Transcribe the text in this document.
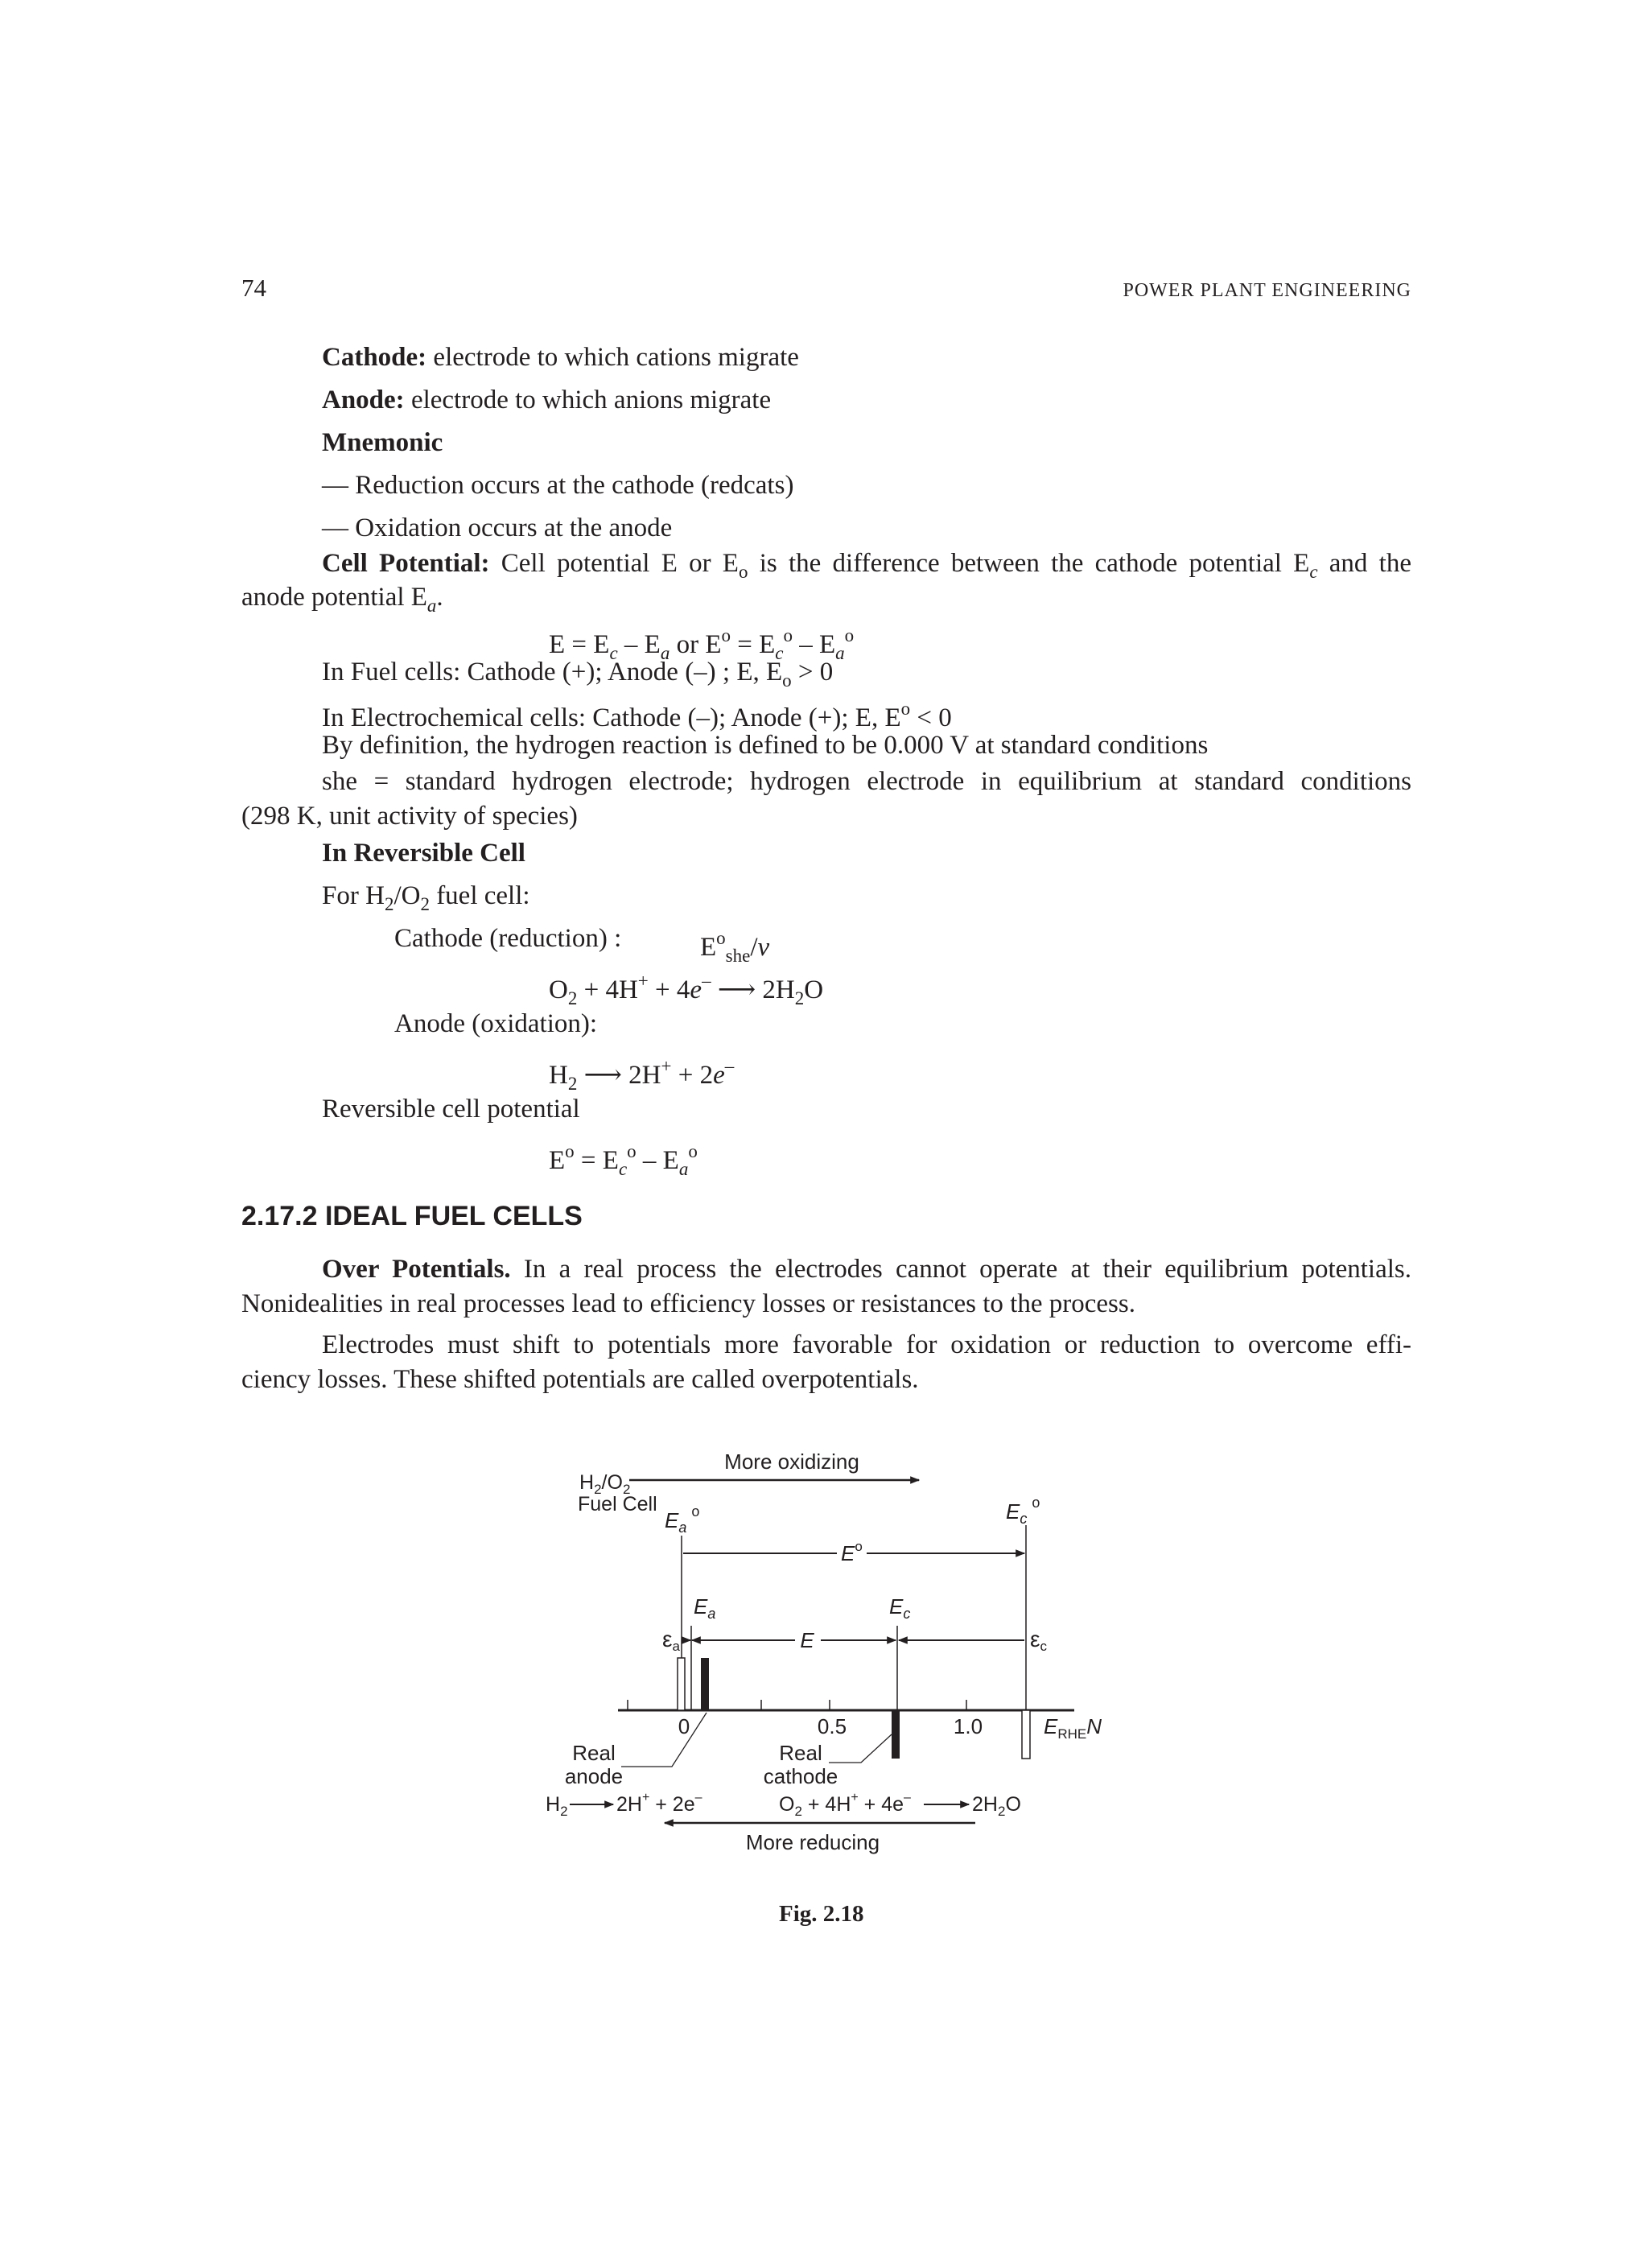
74	POWER PLANT ENGINEERING
Cathode: electrode to which cations migrate
Anode: electrode to which anions migrate
Mnemonic
— Reduction occurs at the cathode (redcats)
— Oxidation occurs at the anode
Cell Potential: Cell potential E or $E_o$ is the difference between the cathode potential $E_c$ and the
anode potential $E_a$.
$E = E_c - E_a$ or $E^o = E_c^o - E_a^o$
In Fuel cells: Cathode (+); Anode (–) ; E, $E_o > 0$
In Electrochemical cells: Cathode (–); Anode (+); E, $E^o < 0$
By definition, the hydrogen reaction is defined to be 0.000 V at standard conditions
she = standard hydrogen electrode; hydrogen electrode in equilibrium at standard conditions
(298 K, unit activity of species)
In Reversible Cell
For $H_2/O_2$ fuel cell:
Cathode (reduction) :	$E^o_{she}/v$
$O_2 + 4H^+ + 4e^-$ ⟶ $2H_2O$
Anode (oxidation):
$H_2$ ⟶ 2H+ + 2e–
Reversible cell potential
$E^o = E_c^o - E_a^o$
2.17.2 IDEAL FUEL CELLS
Over Potentials. In a real process the electrodes cannot operate at their equilibrium potentials.
Nonidealities in real processes lead to efficiency losses or resistances to the process.
Electrodes must shift to potentials more favorable for oxidation or reduction to overcome effi-
ciency losses. These shifted potentials are called overpotentials.
More oxidizing
$H_2/O_2$
Fuel Cell
$E_a^o$	$E_c^o$
$E^o$
$E_a$	$E_c$
εa	E	εc
0	0.5	1.0	$E_{RHE}N$
Real
anode
Real
cathode
$H_2$ 2H+ + 2e–	$O_2 + 4H^+ + 4e^-$	$2H_2O$
More reducing
Fig. 2.18
